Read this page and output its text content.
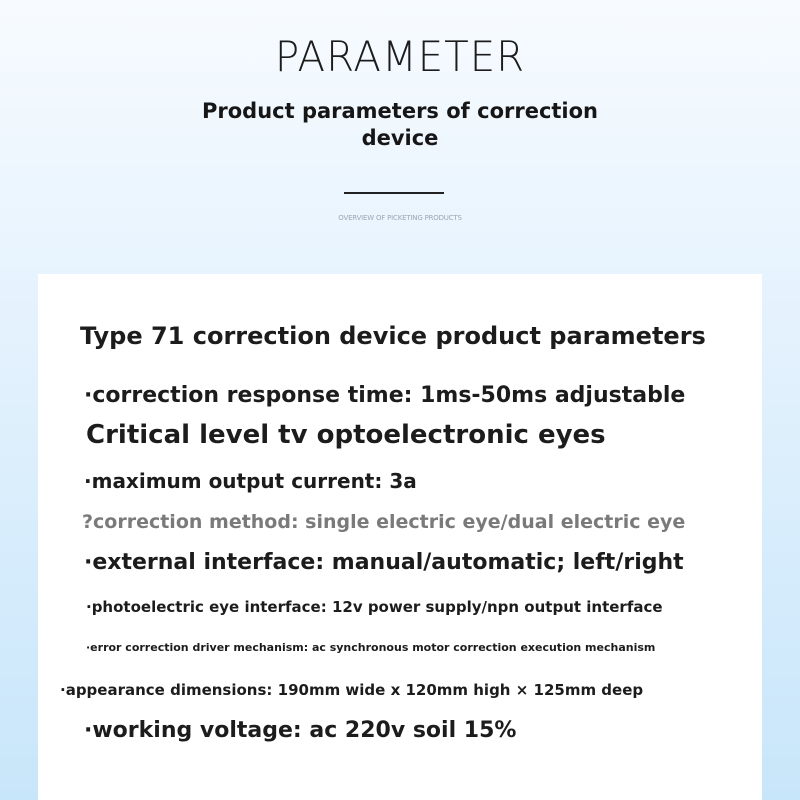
PARAMETER
Product parameters of correction
device
OVERVIEW OF PICKETING PRODUCTS
Type 71 correction device product parameters
·correction response time: 1ms-50ms adjustable
Critical level tv optoelectronic eyes
·maximum output current: 3a
?correction method: single electric eye/dual electric eye
·external interface: manual/automatic; left/right
·photoelectric eye interface: 12v power supply/npn output interface
·error correction driver mechanism: ac synchronous motor correction execution mechanism
·appearance dimensions: 190mm wide x 120mm high × 125mm deep
·working voltage: ac 220v soil 15%
